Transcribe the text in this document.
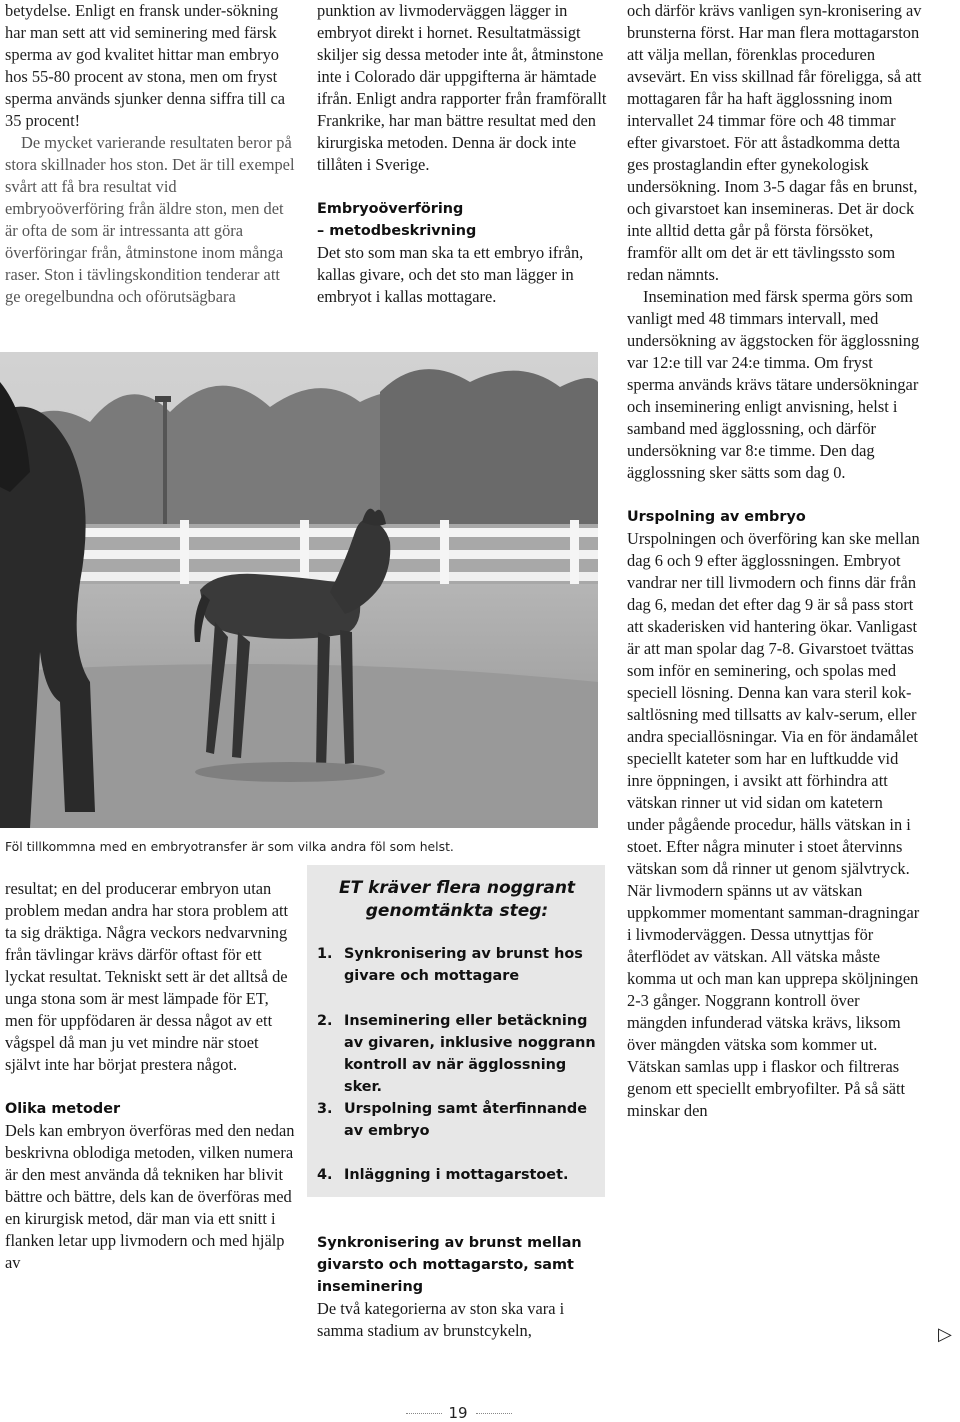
betydelse. Enligt en fransk under-sökning har man sett att vid seminering med färsk sperma av god kvalitet hittar man embryo hos 55-80 procent av stona, men om fryst sperma används sjunker denna siffra till ca 35 procent!

De mycket varierande resultaten beror på stora skillnader hos ston. Det är till exempel svårt att få bra resultat vid embryoöverföring från äldre ston, men det är ofta de som är intressanta att göra överföringar från, åtminstone inom många raser. Ston i tävlingskondition tenderar att ge oregelbundna och oförutsägbara

punktion av livmoderväggen lägger in embryot direkt i hornet. Resultatmässigt skiljer sig dessa metoder inte åt, åtminstone inte i Colorado där uppgifterna är hämtade ifrån. Enligt andra rapporter från framförallt Frankrike, har man bättre resultat med den kirurgiska metoden. Denna är dock inte tillåten i Sverige.

Embryoöverföring
– metodbeskrivning

Det sto som man ska ta ett embryo ifrån, kallas givare, och det sto man lägger in embryot i kallas mottagare.

Föl tillkommna med en embryotransfer är som vilka andra föl som helst.

och därför krävs vanligen syn-kronisering av brunsterna först. Har man flera mottagarston att välja mellan, förenklas proceduren avsevärt. En viss skillnad får föreligga, så att mottagaren får ha haft ägglossning inom intervallet 24 timmar före och 48 timmar efter givarstoet. För att åstadkomma detta ges prostaglandin efter gynekologisk undersökning. Inom 3-5 dagar fås en brunst, och givarstoet kan insemineras. Det är dock inte alltid detta går på första försöket, framför allt om det är ett tävlingssto som redan nämnts.

Insemination med färsk sperma görs som vanligt med 48 timmars intervall, med undersökning av äggstocken för ägglossning var 12:e till var 24:e timma. Om fryst sperma används krävs tätare undersökningar och inseminering enligt anvisning, helst i samband med ägglossning, och därför undersökning var 8:e timme. Den dag ägglossning sker sätts som dag 0.

Urspolning av embryo

Urspolningen och överföring kan ske mellan dag 6 och 9 efter ägglossningen. Embryot vandrar ner till livmodern och finns där från dag 6, medan det efter dag 9 är så pass stort att skaderisken vid hantering ökar. Vanligast är att man spolar dag 7-8. Givarstoet tvättas som inför en seminering, och spolas med speciell lösning. Denna kan vara steril kok-saltlösning med tillsatts av kalv-serum, eller andra speciallösningar. Via en för ändamålet speciellt kateter som har en luftkudde vid inre öppningen, i avsikt att förhindra att vätskan rinner ut vid sidan om katetern under pågående procedur, hälls vätskan in i stoet. Efter några minuter i stoet återvinns vätskan som då rinner ut genom självtryck. När livmodern spänns ut av vätskan uppkommer momentant samman-dragningar i livmoderväggen. Dessa utnyttjas för återflödet av vätskan. All vätska måste komma ut och man kan upprepa sköljningen 2-3 gånger. Noggrann kontroll över mängden infunderad vätska krävs, liksom över mängden vätska som kommer ut. Vätskan samlas upp i flaskor och filtreras genom ett speciellt embryofilter. På så sätt minskar den

resultat; en del producerar embryon utan problem medan andra har stora problem att ta sig dräktiga. Några veckors nedvarvning från tävlingar krävs därför oftast för ett lyckat resultat. Tekniskt sett är det alltså de unga stona som är mest lämpade för ET, men för uppfödaren är dessa något av ett vågspel då man ju vet mindre när stoet självt inte har börjat prestera något.

Olika metoder

Dels kan embryon överföras med den nedan beskrivna oblodiga metoden, vilken numera är den mest använda då tekniken har blivit bättre och bättre, dels kan de överföras med en kirurgisk metod, där man via ett snitt i flanken letar upp livmodern och med hjälp av

ET kräver flera noggrant genomtänkta steg:
1. Synkronisering av brunst hos givare och mottagare
2. Inseminering eller betäckning av givaren, inklusive noggrann kontroll av när ägglossning sker.
3. Urspolning samt återfinnande av embryo
4. Inläggning i mottagarstoet.
Synkronisering av brunst mellan givarsto och mottagarsto, samt inseminering

De två kategorierna av ston ska vara i samma stadium av brunstcykeln,	▷
19
